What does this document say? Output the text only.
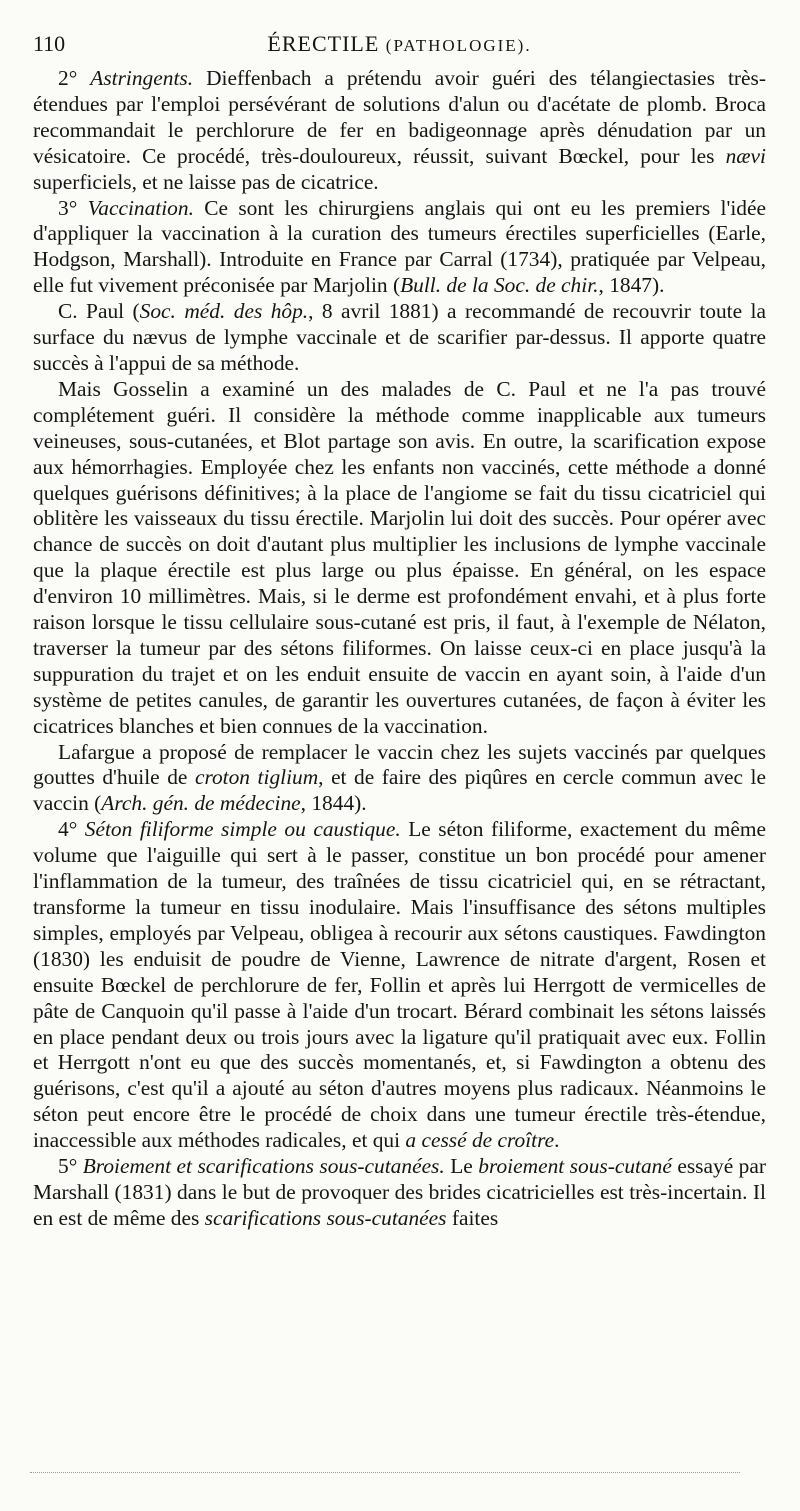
110	ÉRECTILE (PATHOLOGIE).

2° Astringents. Dieffenbach a prétendu avoir guéri des télangiectasies très-étendues par l'emploi persévérant de solutions d'alun ou d'acétate de plomb. Broca recommandait le perchlorure de fer en badigeonnage après dénudation par un vésicatoire. Ce procédé, très-douloureux, réussit, suivant Bœckel, pour les nævi superficiels, et ne laisse pas de cicatrice.

3° Vaccination. Ce sont les chirurgiens anglais qui ont eu les premiers l'idée d'appliquer la vaccination à la curation des tumeurs érectiles superficielles (Earle, Hodgson, Marshall). Introduite en France par Carral (1734), pratiquée par Velpeau, elle fut vivement préconisée par Marjolin (Bull. de la Soc. de chir., 1847).

C. Paul (Soc. méd. des hôp., 8 avril 1881) a recommandé de recouvrir toute la surface du nævus de lymphe vaccinale et de scarifier par-dessus. Il apporte quatre succès à l'appui de sa méthode.

Mais Gosselin a examiné un des malades de C. Paul et ne l'a pas trouvé complétement guéri. Il considère la méthode comme inapplicable aux tumeurs veineuses, sous-cutanées, et Blot partage son avis. En outre, la scarification expose aux hémorrhagies. Employée chez les enfants non vaccinés, cette méthode a donné quelques guérisons définitives; à la place de l'angiome se fait du tissu cicatriciel qui oblitère les vaisseaux du tissu érectile. Marjolin lui doit des succès. Pour opérer avec chance de succès on doit d'autant plus multiplier les inclusions de lymphe vaccinale que la plaque érectile est plus large ou plus épaisse. En général, on les espace d'environ 10 millimètres. Mais, si le derme est profondément envahi, et à plus forte raison lorsque le tissu cellulaire sous-cutané est pris, il faut, à l'exemple de Nélaton, traverser la tumeur par des sétons filiformes. On laisse ceux-ci en place jusqu'à la suppuration du trajet et on les enduit ensuite de vaccin en ayant soin, à l'aide d'un système de petites canules, de garantir les ouvertures cutanées, de façon à éviter les cicatrices blanches et bien connues de la vaccination.

Lafargue a proposé de remplacer le vaccin chez les sujets vaccinés par quelques gouttes d'huile de croton tiglium, et de faire des piqûres en cercle commun avec le vaccin (Arch. gén. de médecine, 1844).

4° Séton filiforme simple ou caustique. Le séton filiforme, exactement du même volume que l'aiguille qui sert à le passer, constitue un bon procédé pour amener l'inflammation de la tumeur, des traînées de tissu cicatriciel qui, en se rétractant, transforme la tumeur en tissu inodulaire. Mais l'insuffisance des sétons multiples simples, employés par Velpeau, obligea à recourir aux sétons caustiques. Fawdington (1830) les enduisit de poudre de Vienne, Lawrence de nitrate d'argent, Rosen et ensuite Bœckel de perchlorure de fer, Follin et après lui Herrgott de vermicelles de pâte de Canquoin qu'il passe à l'aide d'un trocart. Bérard combinait les sétons laissés en place pendant deux ou trois jours avec la ligature qu'il pratiquait avec eux. Follin et Herrgott n'ont eu que des succès momentanés, et, si Fawdington a obtenu des guérisons, c'est qu'il a ajouté au séton d'autres moyens plus radicaux. Néanmoins le séton peut encore être le procédé de choix dans une tumeur érectile très-étendue, inaccessible aux méthodes radicales, et qui a cessé de croître.

5° Broiement et scarifications sous-cutanées. Le broiement sous-cutané essayé par Marshall (1831) dans le but de provoquer des brides cicatricielles est très-incertain. Il en est de même des scarifications sous-cutanées faites
